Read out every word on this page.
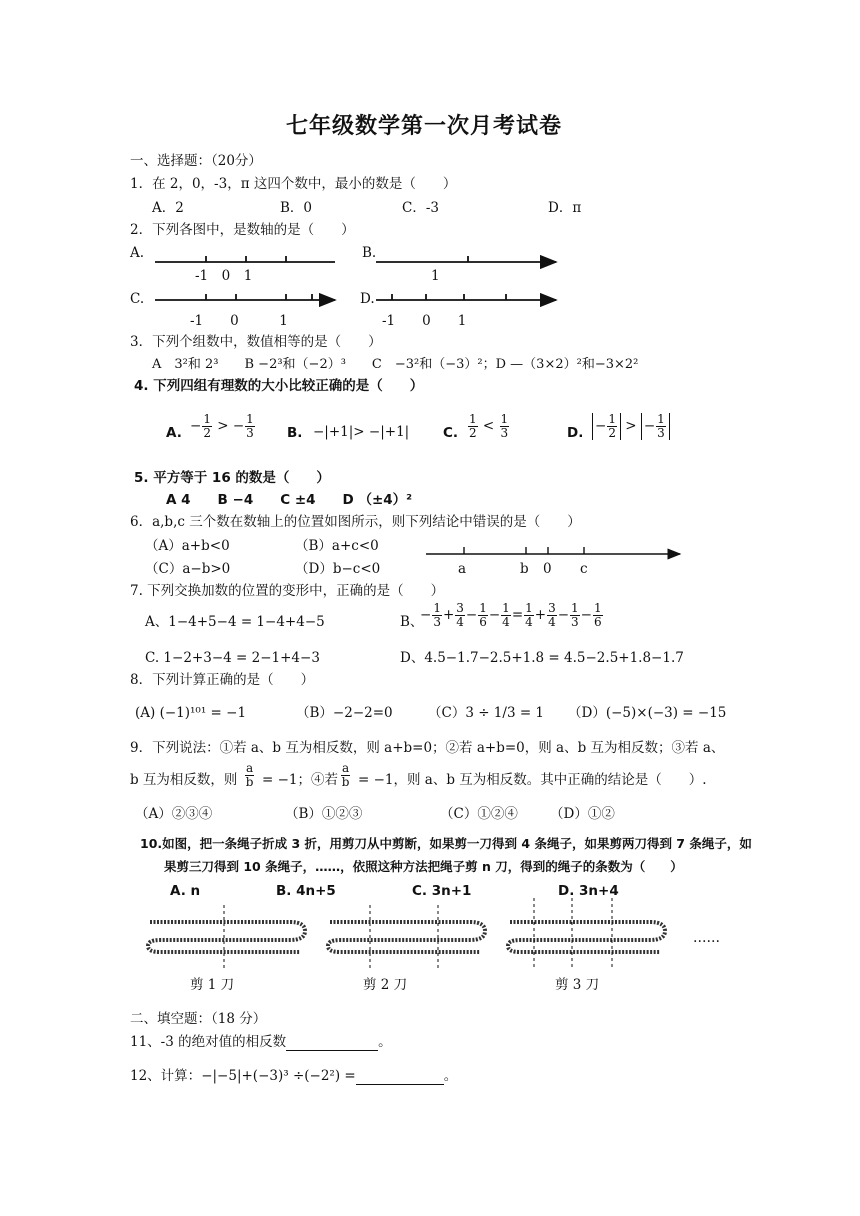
七年级数学第一次月考试卷
一、选择题：（20分）
1．在 2，0，-3，π 这四个数中，最小的数是（　　）
A．2	B．0	C．-3	D．π
2．下列各图中，是数轴的是（　　）
A.	B.
-1　0　1	1
C.	D.
-1　　0　　　1	-1　　0　　1
3．下列个组数中，数值相等的是（　　）
A　3²和 2³　　B −2³和（−2）³　　C　−3²和（−3）²；D —（3×2）²和−3×2²
4. 下列四组有理数的大小比较正确的是（　　）
A. − $\frac{1}{2}$ > − $\frac{1}{3} B$. −|+1|> −|+1|	C. $\frac{1}{2} < \frac{1}{3}$	D. − $\frac{1}{2}$ > − $\frac{1}{3}$
5. 平方等于 16 的数是（　　）
A 4　　B −4　　C ±4　　D （±4）²
6．a,b,c 三个数在数轴上的位置如图所示，则下列结论中错误的是（　　）
（A）a+b<0	（B）a+c<0
（C）a−b>0	（D）b−c<0	a	b 0 c
7. 下列交换加数的位置的变形中，正确的是（　　）
A、1−4+5−4 = 1−4+4−5	B、
− $\frac{1}{3} + \frac{3}{4} - \frac{1}{6} - \frac{1}{4} = \frac{1}{4} + \frac{3}{4} - \frac{1}{3} - \frac{1}{6}$
C. 1−2+3−4 = 2−1+4−3	D、4.5−1.7−2.5+1.8 = 4.5−2.5+1.8−1.7
8．下列计算正确的是（　　）
(A) (−1)¹⁰¹ = −1	（B）−2−2=0	（C）3 ÷ 1/3 = 1 （D）(−5)×(−3) = −15
9．下列说法：①若 a、b 互为相反数，则 a+b=0；②若 a+b=0，则 a、b 互为相反数；③若 a、
b 互为相反数，则 $\frac{a}{b} = -1$；④若 $\frac{a}{b} = -1$，则 a、b 互为相反数。其中正确的结论是（　　）.
（A）②③④	（B）①②③	（C）①②④ （D）①②
10.如图，把一条绳子折成 3 折，用剪刀从中剪断，如果剪一刀得到 4 条绳子，如果剪两刀得到 7 条绳子，如
果剪三刀得到 10 条绳子，……，依照这种方法把绳子剪 n 刀，得到的绳子的条数为（　　）
A. n	B. 4n+5	C. 3n+1	D. 3n+4
……
剪 1 刀	剪 2 刀	剪 3 刀
二、填空题：（18 分）
11、-3 的绝对值的相反数	。
12、计算：−|−5|+(−3)³ ÷(−2²) =	。
